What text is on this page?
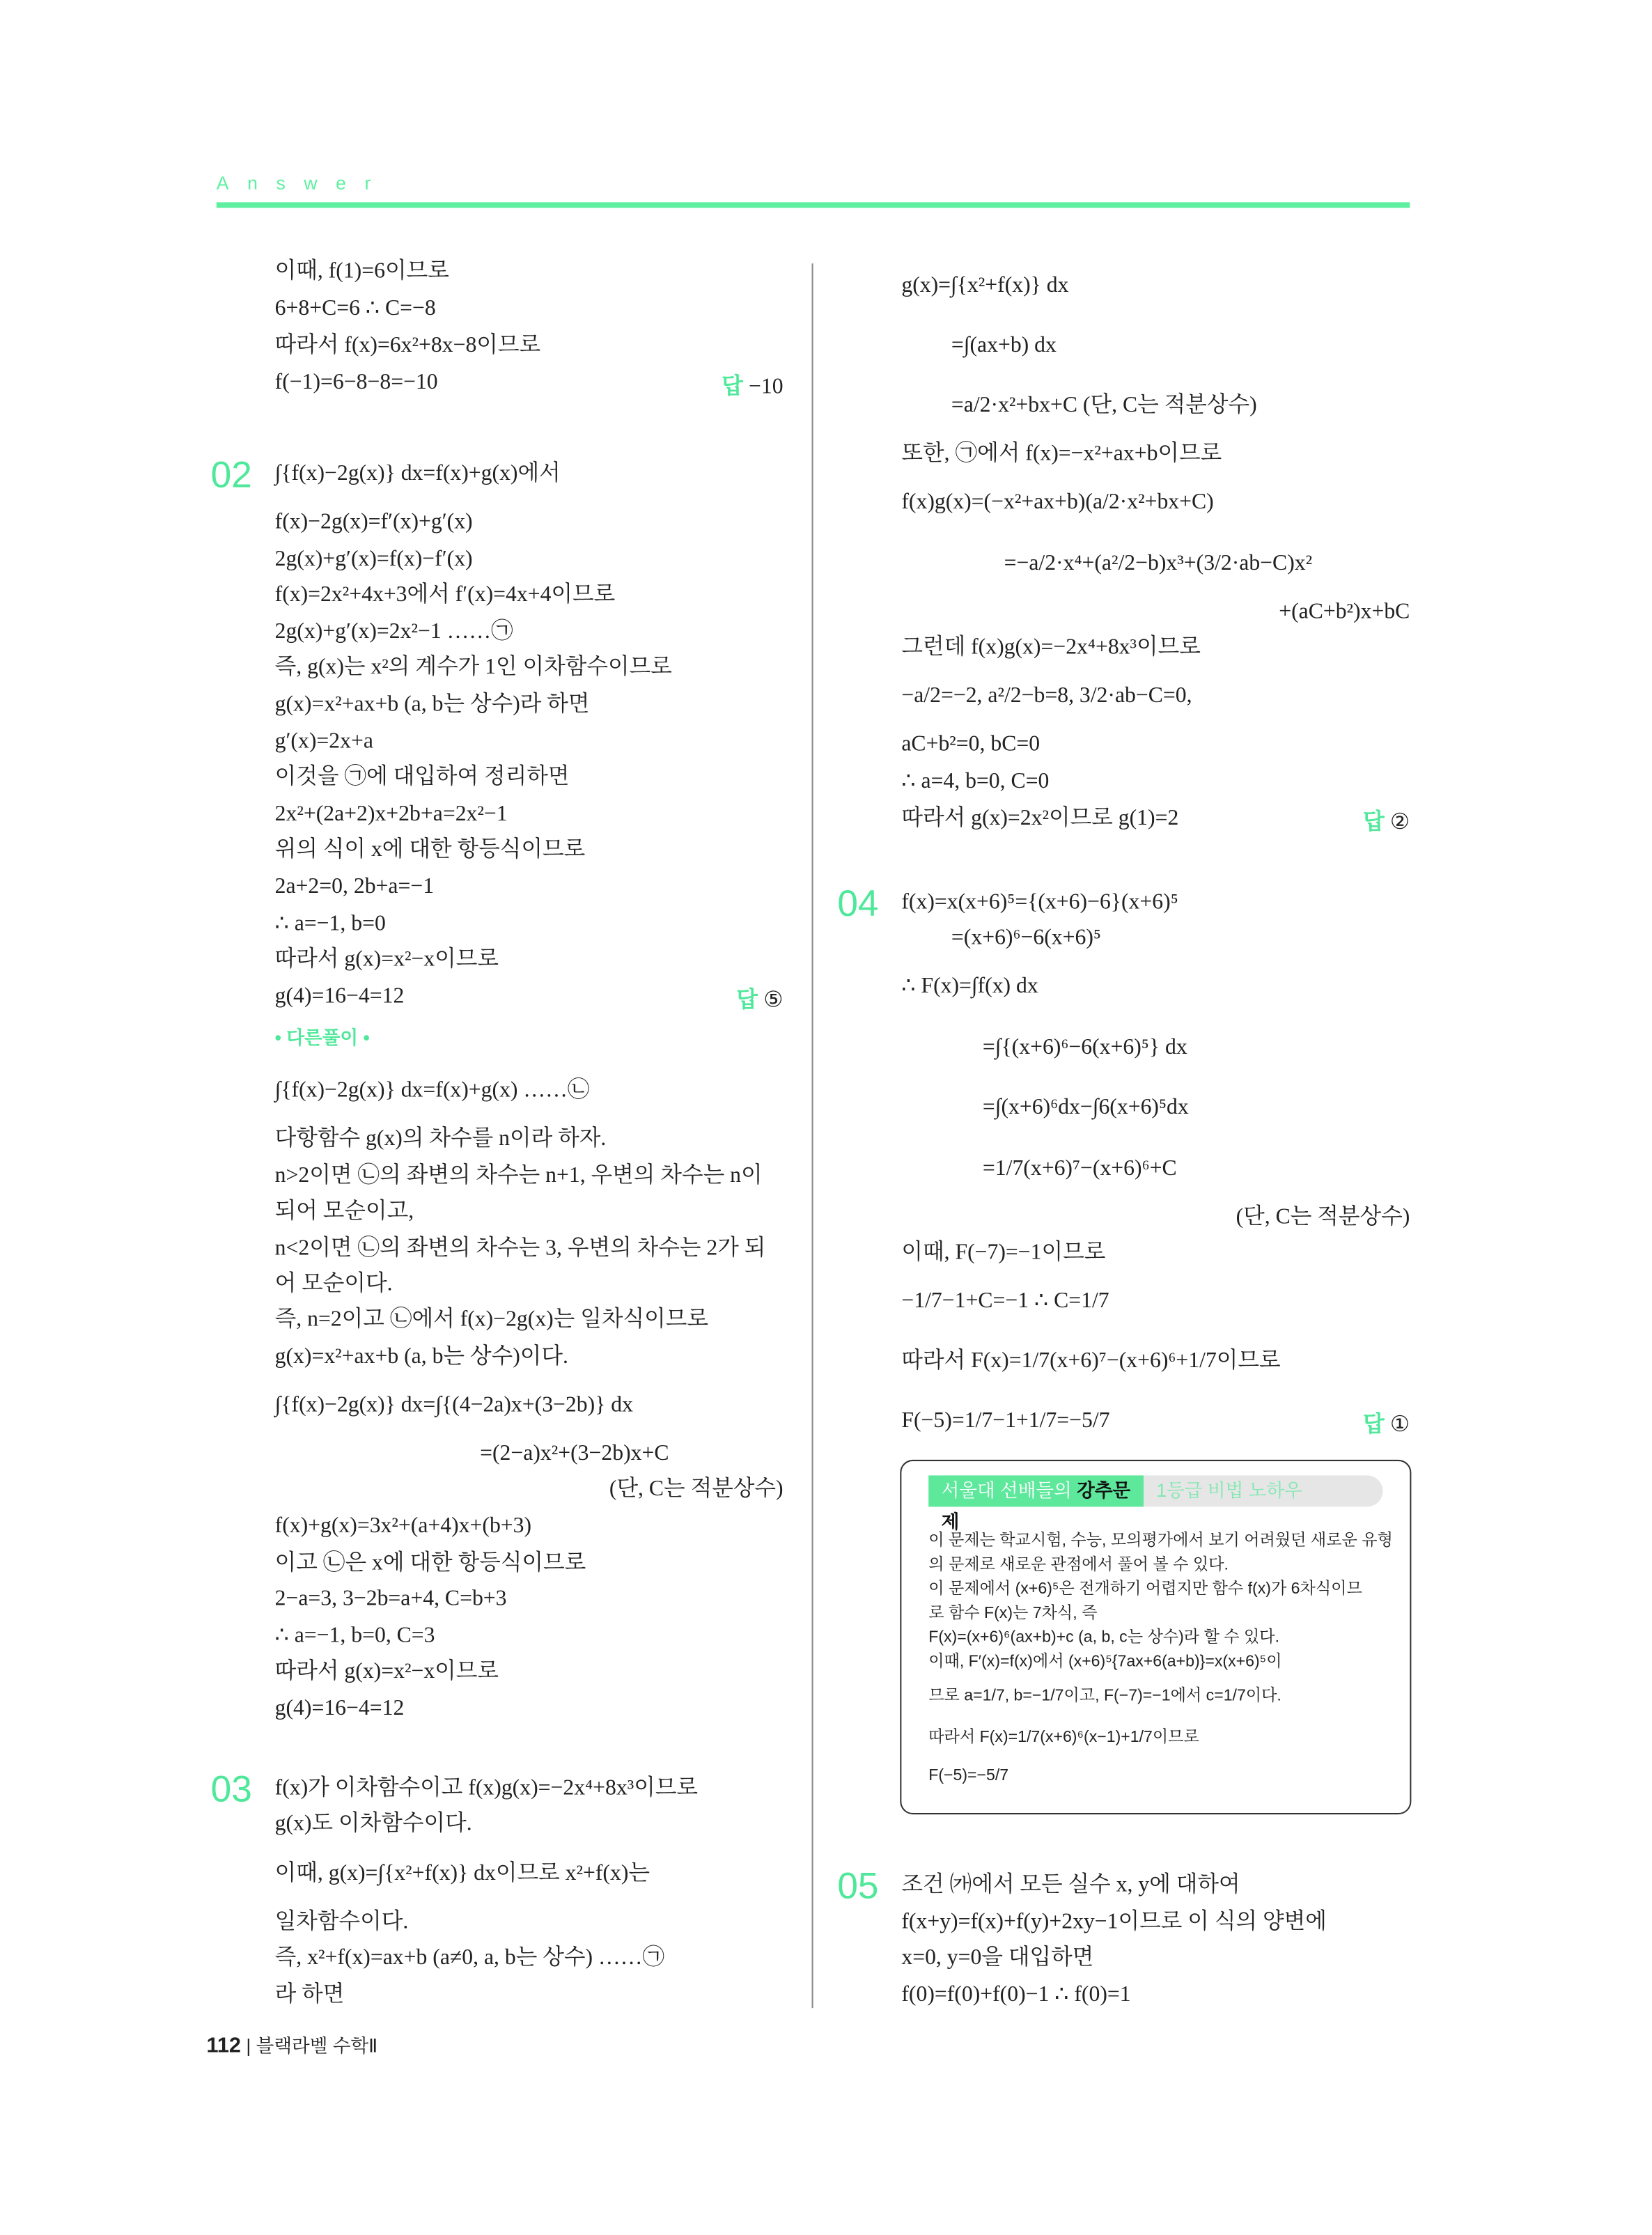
Answer
이때, f(1)=6이므로
6+8+C=6 ∴ C=−8
따라서 f(x)=6x²+8x−8이므로
f(−1)=6−8−8=−10
∫{f(x)−2g(x)} dx=f(x)+g(x)에서
f(x)−2g(x)=f′(x)+g′(x)
2g(x)+g′(x)=f(x)−f′(x)
f(x)=2x²+4x+3에서 f′(x)=4x+4이므로
2g(x)+g′(x)=2x²−1 ……㉠
즉, g(x)는 x²의 계수가 1인 이차함수이므로
g(x)=x²+ax+b (a, b는 상수)라 하면
g′(x)=2x+a
이것을 ㉠에 대입하여 정리하면
2x²+(2a+2)x+2b+a=2x²−1
위의 식이 x에 대한 항등식이므로
2a+2=0, 2b+a=−1
∴ a=−1, b=0
따라서 g(x)=x²−x이므로
g(4)=16−4=12
• 다른풀이 •
∫{f(x)−2g(x)} dx=f(x)+g(x) ……㉡
다항함수 g(x)의 차수를 n이라 하자.
n>2이면 ㉡의 좌변의 차수는 n+1, 우변의 차수는 n이
되어 모순이고,
n<2이면 ㉡의 좌변의 차수는 3, 우변의 차수는 2가 되
어 모순이다.
즉, n=2이고 ㉡에서 f(x)−2g(x)는 일차식이므로
g(x)=x²+ax+b (a, b는 상수)이다.
∫{f(x)−2g(x)} dx=∫{(4−2a)x+(3−2b)} dx
=(2−a)x²+(3−2b)x+C
(단, C는 적분상수)
f(x)+g(x)=3x²+(a+4)x+(b+3)
이고 ㉡은 x에 대한 항등식이므로
2−a=3, 3−2b=a+4, C=b+3
∴ a=−1, b=0, C=3
따라서 g(x)=x²−x이므로
g(4)=16−4=12
f(x)가 이차함수이고 f(x)g(x)=−2x⁴+8x³이므로
g(x)도 이차함수이다.
이때, g(x)=∫{x²+f(x)} dx이므로 x²+f(x)는
일차함수이다.
즉, x²+f(x)=ax+b (a≠0, a, b는 상수) ……㉠
라 하면
g(x)=∫{x²+f(x)} dx
=∫(ax+b) dx
=a/2·x²+bx+C (단, C는 적분상수)
또한, ㉠에서 f(x)=−x²+ax+b이므로
f(x)g(x)=(−x²+ax+b)(a/2·x²+bx+C)
=−a/2·x⁴+(a²/2−b)x³+(3/2·ab−C)x²
+(aC+b²)x+bC
그런데 f(x)g(x)=−2x⁴+8x³이므로
−a/2=−2, a²/2−b=8, 3/2·ab−C=0,
aC+b²=0, bC=0
∴ a=4, b=0, C=0
따라서 g(x)=2x²이므로 g(1)=2
f(x)=x(x+6)⁵={(x+6)−6}(x+6)⁵
=(x+6)⁶−6(x+6)⁵
∴ F(x)=∫f(x) dx
=∫{(x+6)⁶−6(x+6)⁵} dx
=∫(x+6)⁶dx−∫6(x+6)⁵dx
=1/7(x+6)⁷−(x+6)⁶+C
(단, C는 적분상수)
이때, F(−7)=−1이므로
−1/7−1+C=−1 ∴ C=1/7
따라서 F(x)=1/7(x+6)⁷−(x+6)⁶+1/7이므로
F(−5)=1/7−1+1/7=−5/7
조건 ㈎에서 모든 실수 x, y에 대하여
f(x+y)=f(x)+f(y)+2xy−1이므로 이 식의 양변에
x=0, y=0을 대입하면
f(0)=f(0)+f(0)−1 ∴ f(0)=1
02
03
답 −10
답 ⑤
04
05
답 ②
답 ①
서울대 선배들의 강추문제
1등급 비법 노하우
이 문제는 학교시험, 수능, 모의평가에서 보기 어려웠던 새로운 유형
의 문제로 새로운 관점에서 풀어 볼 수 있다.
이 문제에서 (x+6)⁵은 전개하기 어렵지만 함수 f(x)가 6차식이므
로 함수 F(x)는 7차식, 즉
F(x)=(x+6)⁶(ax+b)+c (a, b, c는 상수)라 할 수 있다.
이때, F′(x)=f(x)에서 (x+6)⁵{7ax+6(a+b)}=x(x+6)⁵이
므로 a=1/7, b=−1/7이고, F(−7)=−1에서 c=1/7이다.
따라서 F(x)=1/7(x+6)⁶(x−1)+1/7이므로
F(−5)=−5/7
112 | 블랙라벨 수학Ⅱ
